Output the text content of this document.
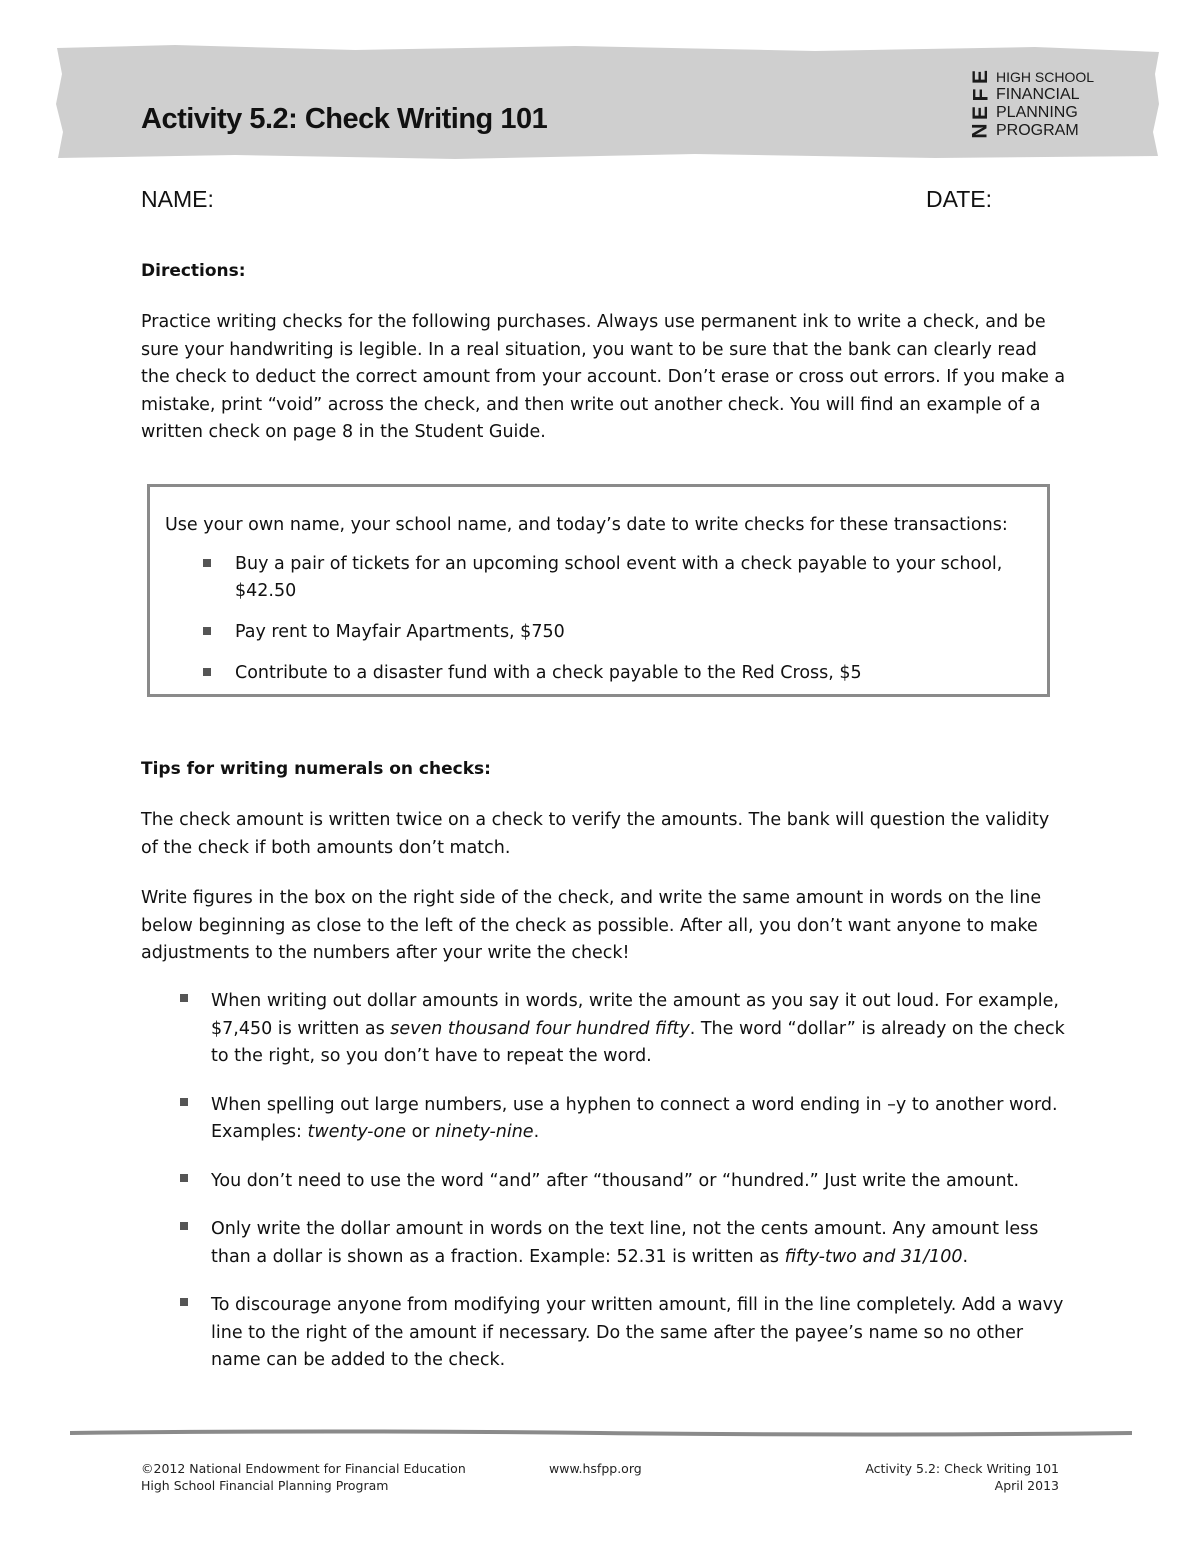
Activity 5.2: Check Writing 101
E
F
E
N
HIGH SCHOOL
FINANCIAL
PLANNING
PROGRAM

NAME:	DATE:

Directions:

Practice writing checks for the following purchases. Always use permanent ink to write a check, and be sure your handwriting is legible. In a real situation, you want to be sure that the bank can clearly read the check to deduct the correct amount from your account. Don’t erase or cross out errors. If you make a mistake, print “void” across the check, and then write out another check. You will find an example of a written check on page 8 in the Student Guide.

Use your own name, your school name, and today’s date to write checks for these transactions:

Buy a pair of tickets for an upcoming school event with a check payable to your school, $42.50
Pay rent to Mayfair Apartments, $750
Contribute to a disaster fund with a check payable to the Red Cross, $5
Tips for writing numerals on checks:

The check amount is written twice on a check to verify the amounts. The bank will question the validity of the check if both amounts don’t match.

Write figures in the box on the right side of the check, and write the same amount in words on the line below beginning as close to the left of the check as possible. After all, you don’t want anyone to make adjustments to the numbers after your write the check!

When writing out dollar amounts in words, write the amount as you say it out loud. For example, $7,450 is written as seven thousand four hundred fifty. The word “dollar” is already on the check to the right, so you don’t have to repeat the word.
When spelling out large numbers, use a hyphen to connect a word ending in –y to another word. Examples: twenty-one or ninety-nine.
You don’t need to use the word “and” after “thousand” or “hundred.” Just write the amount.
Only write the dollar amount in words on the text line, not the cents amount. Any amount less than a dollar is shown as a fraction. Example: 52.31 is written as fifty-two and 31/100.
To discourage anyone from modifying your written amount, fill in the line completely. Add a wavy line to the right of the amount if necessary. Do the same after the payee’s name so no other name can be added to the check.
©2012 National Endowment for Financial Education
High School Financial Planning Program
www.hsfpp.org	Activity 5.2: Check Writing 101
April 2013
